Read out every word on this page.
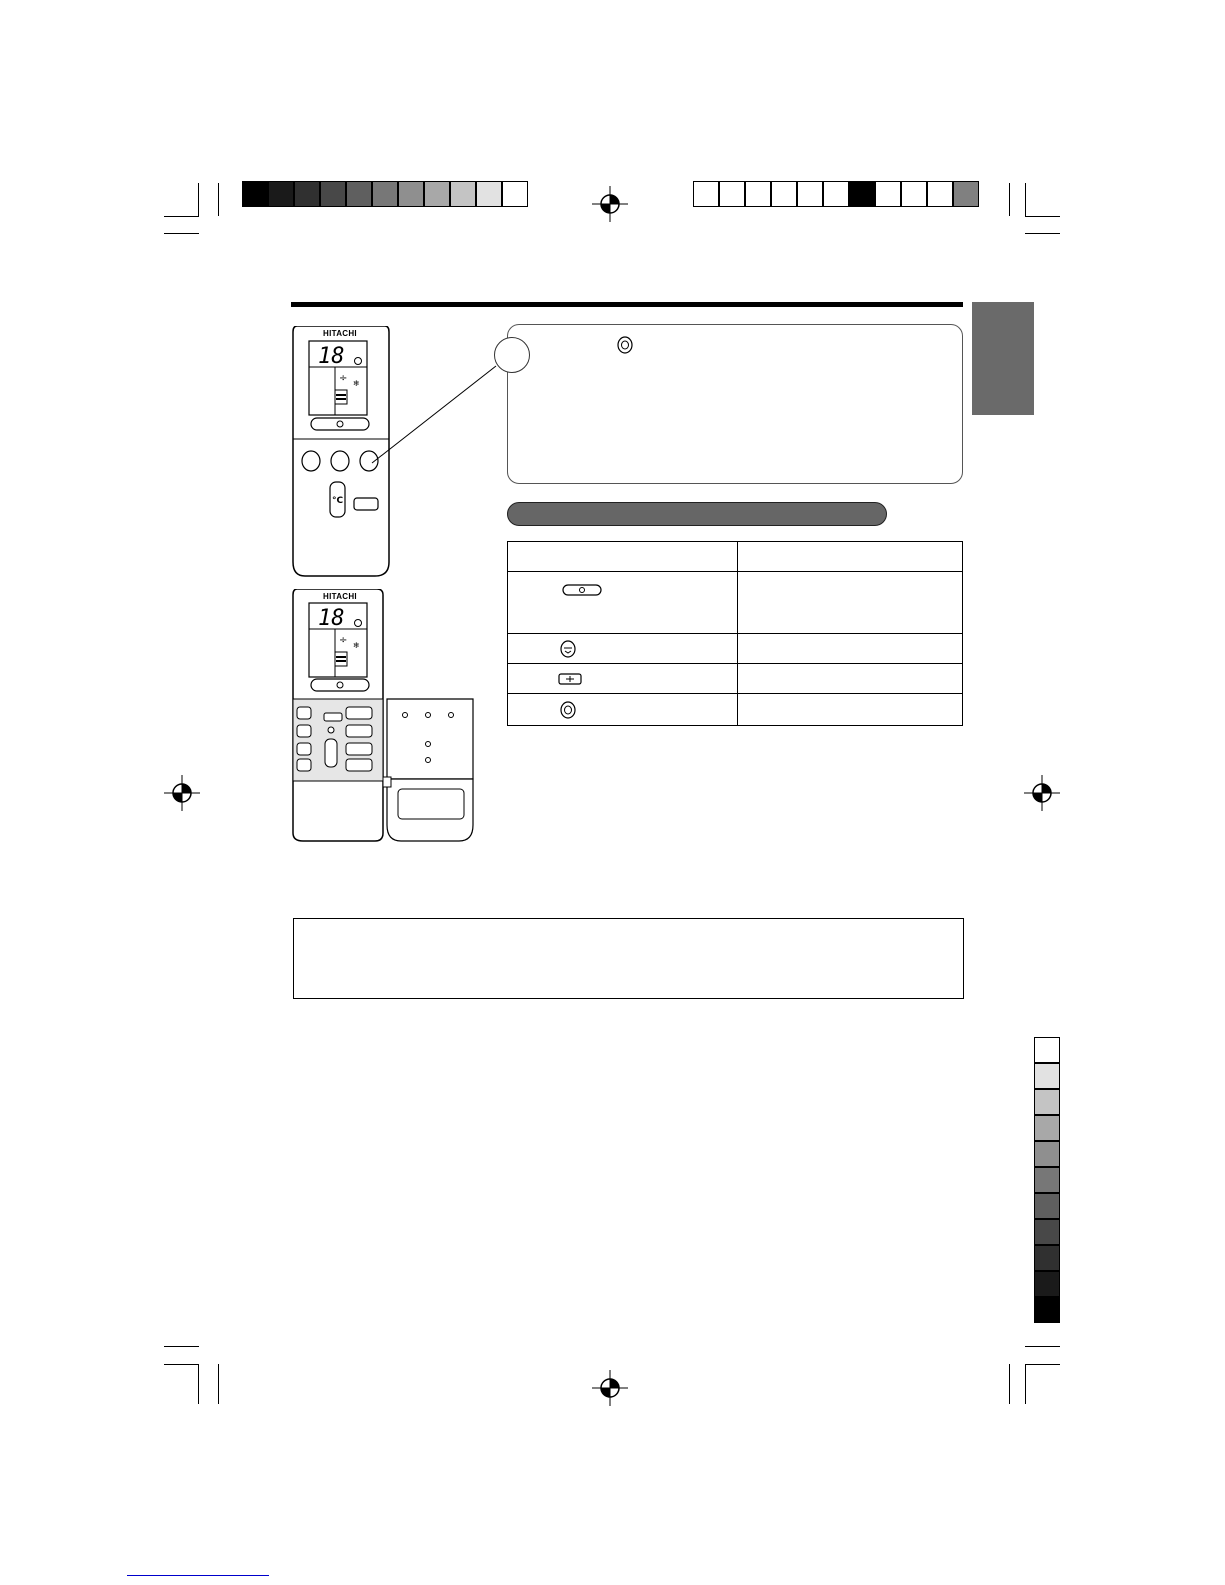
÷ ❄
°C
HITACHI
18
÷ ❄
HITACHI
18
